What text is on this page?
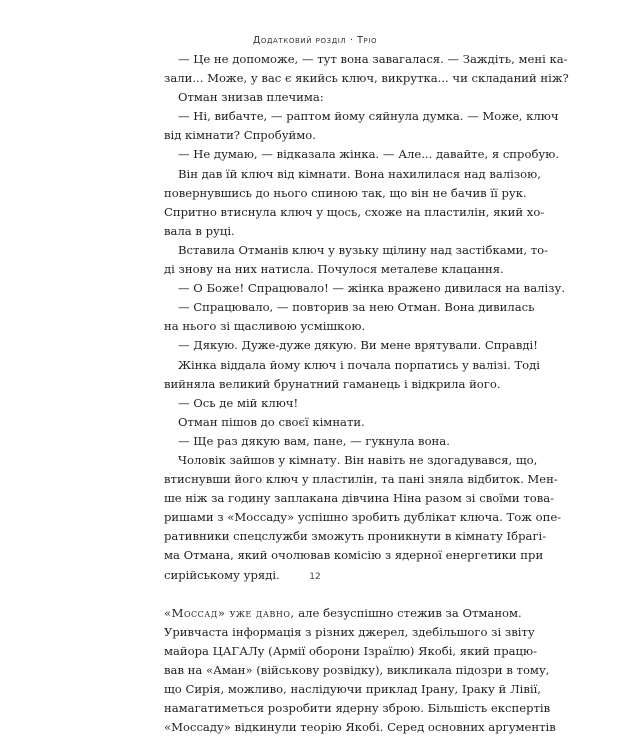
Додатковий розділ · Тріо
— Це не допоможе, — тут вона завагалася. — Заждіть, мені ка-
зали... Може, у вас є якийсь ключ, викрутка... чи складаний ніж?
Отман знизав плечима:
— Ні, вибачте, — раптом йому сяйнула думка. — Може, ключ
від кімнати? Спробуймо.
— Не думаю, — відказала жінка. — Але... давайте, я спробую.
Він дав їй ключ від кімнати. Вона нахилилася над валізою,
повернувшись до нього спиною так, що він не бачив її рук.
Спритно втиснула ключ у щось, схоже на пластилін, який хо-
вала в руці.
Вставила Отманів ключ у вузьку щілину над застібками, то-
ді знову на них натисла. Почулося металеве клацання.
— О Боже! Спрацювало! — жінка вражено дивилася на валізу.
— Спрацювало, — повторив за нею Отман. Вона дивилась
на нього зі щасливою усмішкою.
— Дякую. Дуже-дуже дякую. Ви мене врятували. Справді!
Жінка віддала йому ключ і почала порпатись у валізі. Тоді
вийняла великий брунатний гаманець і відкрила його.
— Ось де мій ключ!
Отман пішов до своєї кімнати.
— Ще раз дякую вам, пане, — гукнула вона.
Чоловік зайшов у кімнату. Він навіть не здогадувався, що,
втиснувши його ключ у пластилін, та пані зняла відбиток. Мен-
ше ніж за годину заплакана дівчина Ніна разом зі своїми това-
ришами з «Моссаду» успішно зробить дублікат ключа. Тож опе-
ративники спецслужби зможуть проникнути в кімнату Ібрагі-
ма Отмана, який очолював комісію з ядерної енергетики при
сирійському уряді.
«Моссад» уже давно, але безуспішно стежив за Отманом.
Уривчаста інформація з різних джерел, здебільшого зі звіту
майора ЦАГАЛу (Армії оборони Ізраїлю) Якобі, який працю-
вав на «Аман» (військову розвідку), викликала підозри в тому,
що Сирія, можливо, наслідуючи приклад Ірану, Іраку й Лівії,
намагатиметься розробити ядерну зброю. Більшість експертів
«Моссаду» відкинули теорію Якобі. Серед основних аргументів
12
